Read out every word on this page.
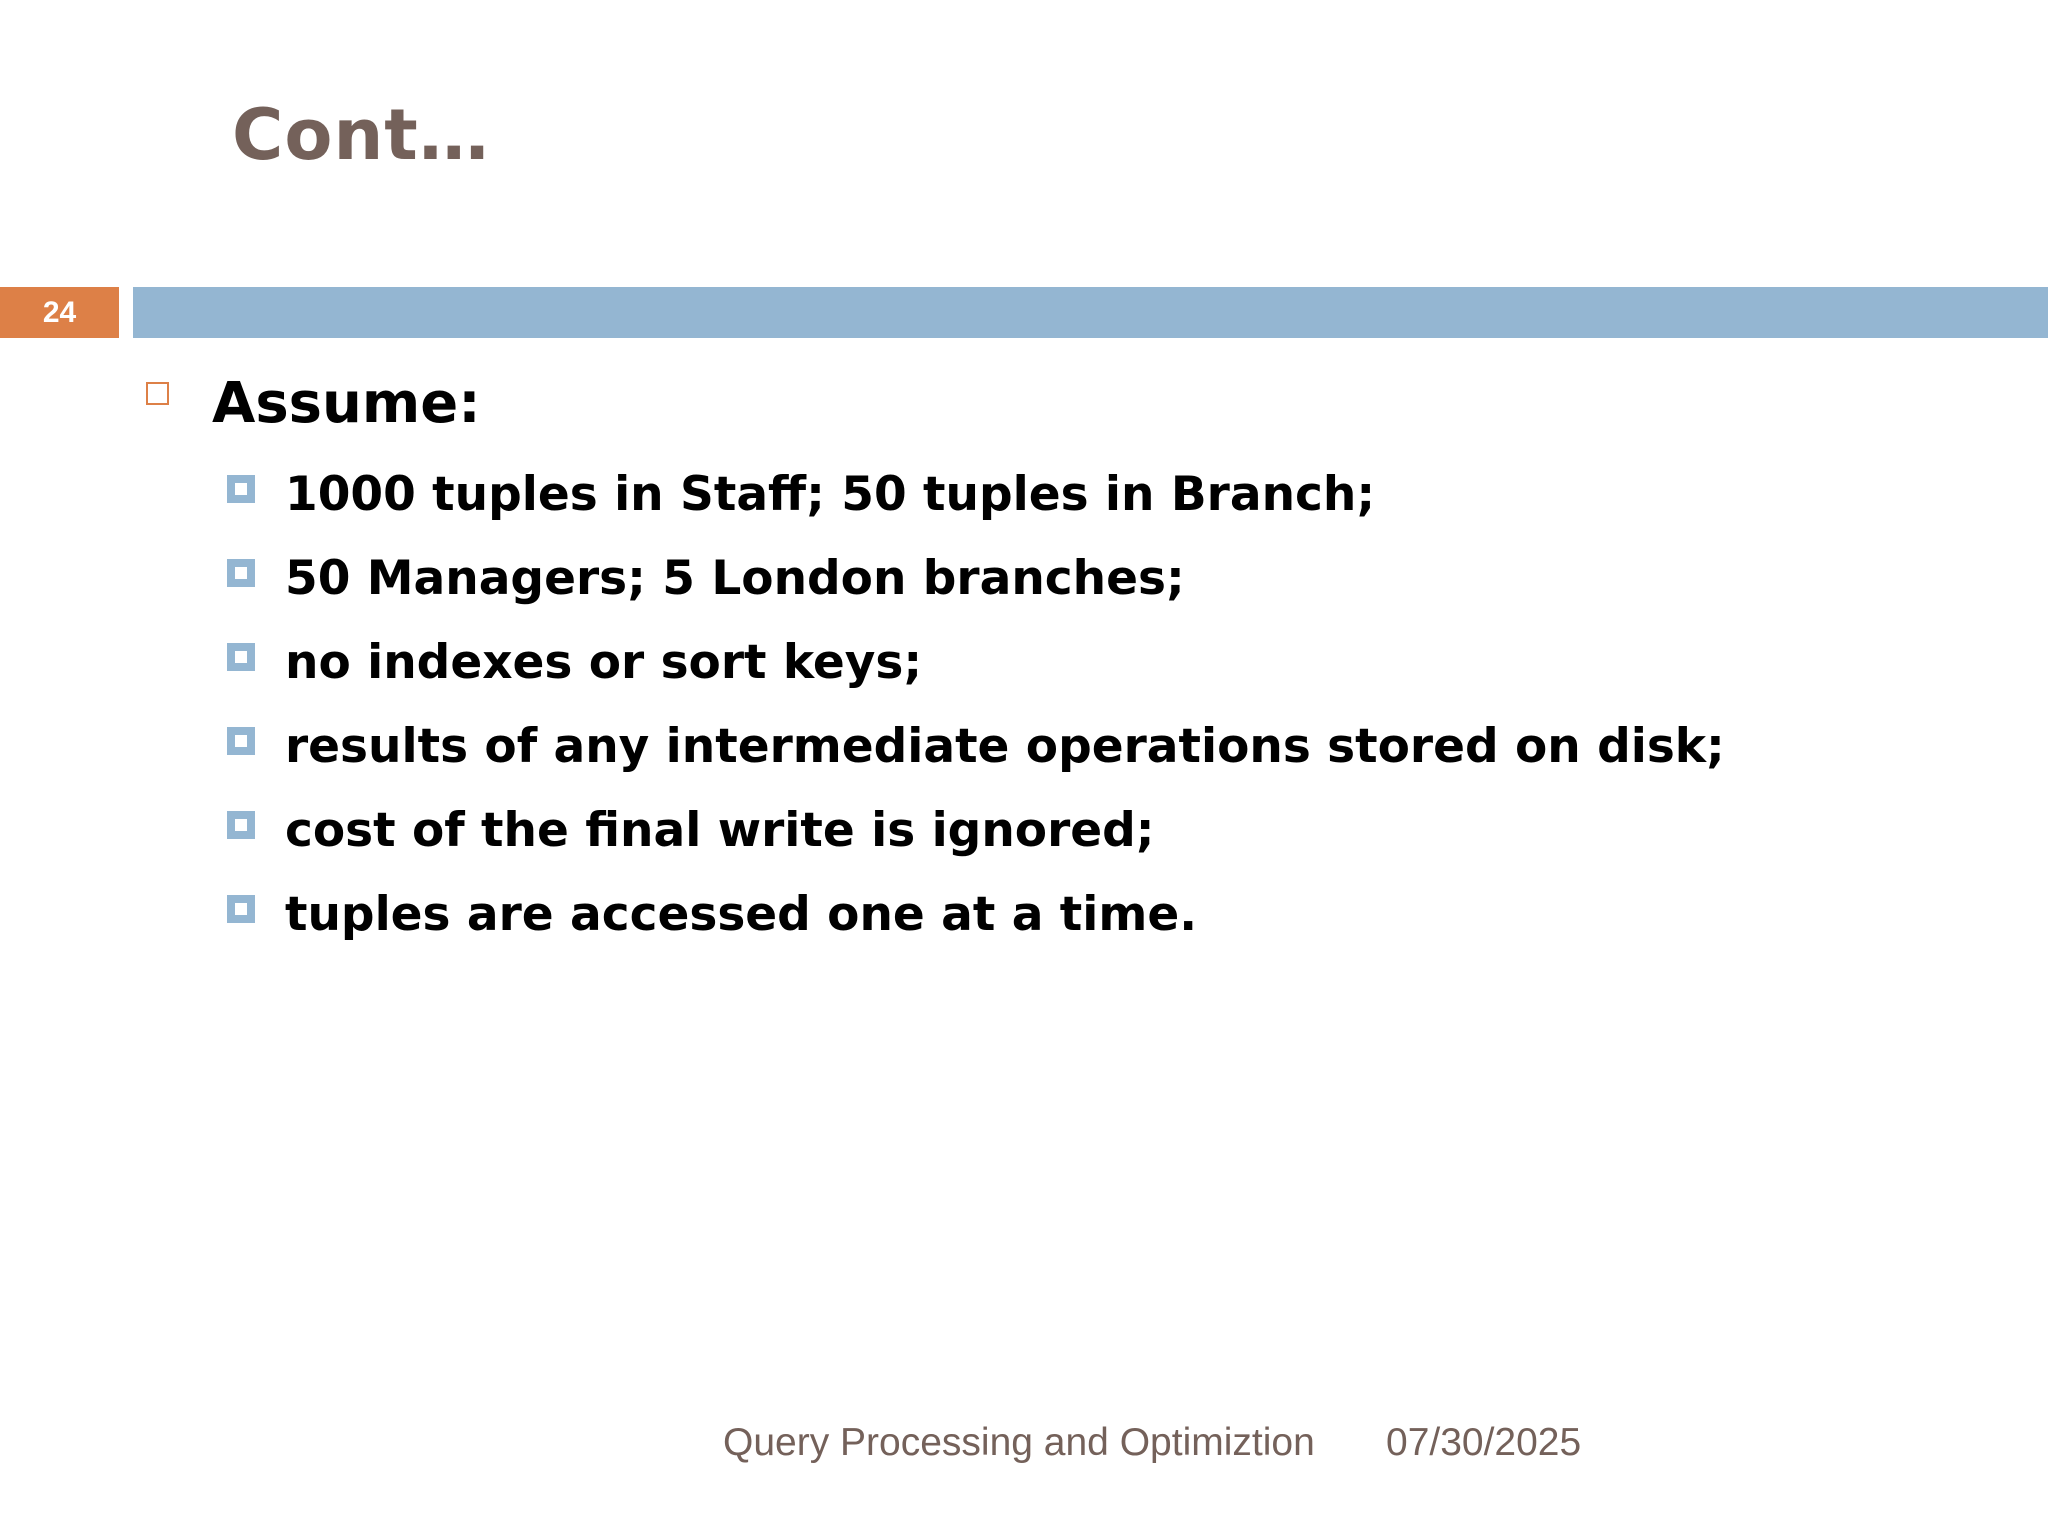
Cont…
24
Assume:
1000 tuples in Staff; 50 tuples in Branch;
50 Managers; 5 London branches;
no indexes or sort keys;
results of any intermediate operations stored on disk;
cost of the final write is ignored;
tuples are accessed one at a time.
Query Processing and Optimiztion 07/30/2025
